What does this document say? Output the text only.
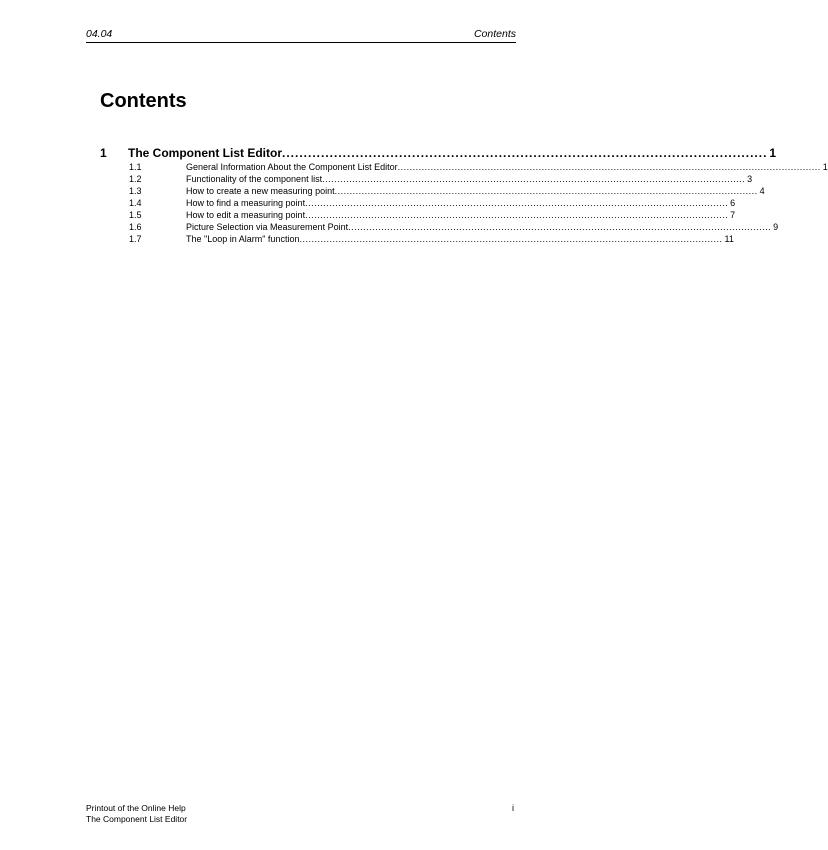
04.04	Contents
Contents
1	The Component List Editor ................................................................................................................ 1
1.1	General Information About the Component List Editor ............................................................................................................................................. 1
1.2	Functionality of the component list ............................................................................................................................................. 3
1.3	How to create a new measuring point ............................................................................................................................................. 4
1.4	How to find a measuring point ............................................................................................................................................. 6
1.5	How to edit a measuring point ............................................................................................................................................. 7
1.6	Picture Selection via Measurement Point ............................................................................................................................................. 9
1.7	The "Loop in Alarm" function ............................................................................................................................................. 11
Printout of the Online Help
The Component List Editor
i
